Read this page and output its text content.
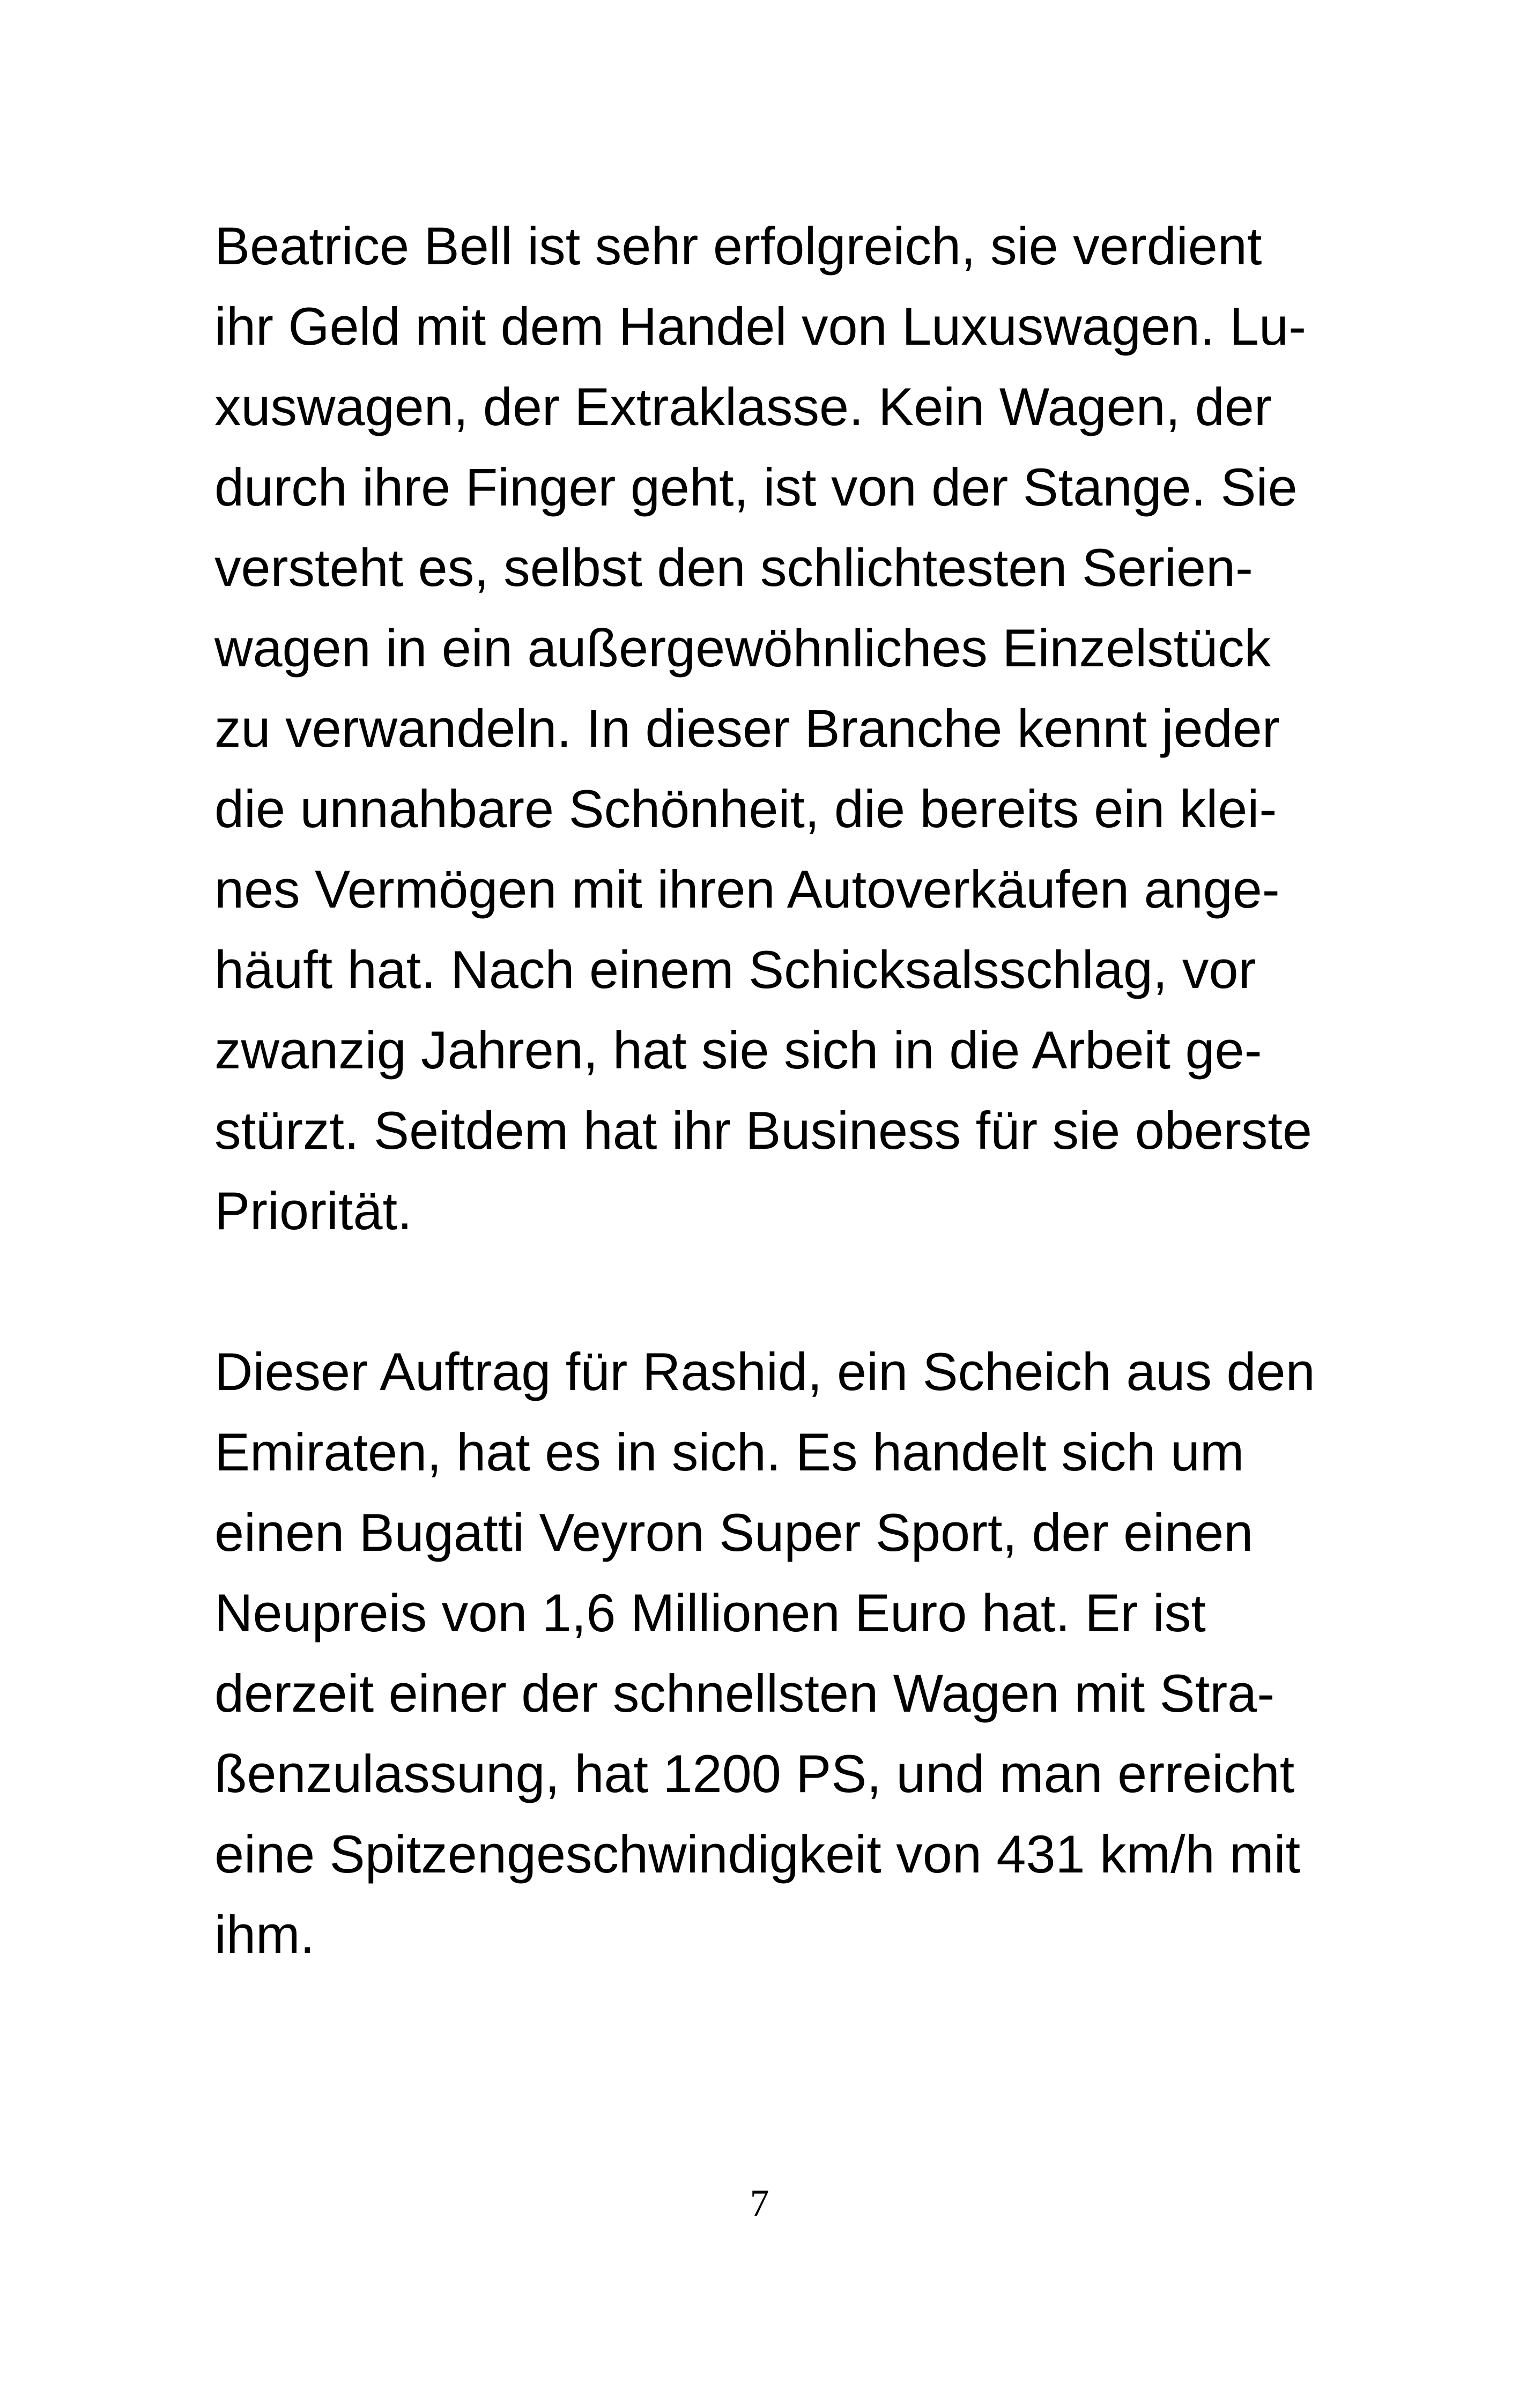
Beatrice Bell ist sehr erfolgreich, sie verdient
ihr Geld mit dem Handel von Luxuswagen. Lu-
xuswagen, der Extraklasse. Kein Wagen, der
durch ihre Finger geht, ist von der Stange. Sie
versteht es, selbst den schlichtesten Serien-
wagen in ein außergewöhnliches Einzelstück
zu verwandeln. In dieser Branche kennt jeder
die unnahbare Schönheit, die bereits ein klei-
nes Vermögen mit ihren Autoverkäufen ange-
häuft hat. Nach einem Schicksalsschlag, vor
zwanzig Jahren, hat sie sich in die Arbeit ge-
stürzt. Seitdem hat ihr Business für sie oberste
Priorität.
Dieser Auftrag für Rashid, ein Scheich aus den
Emiraten, hat es in sich. Es handelt sich um
einen Bugatti Veyron Super Sport, der einen
Neupreis von 1,6 Millionen Euro hat. Er ist
derzeit einer der schnellsten Wagen mit Stra-
ßenzulassung, hat 1200 PS, und man erreicht
eine Spitzengeschwindigkeit von 431 km/h mit
ihm.
7
